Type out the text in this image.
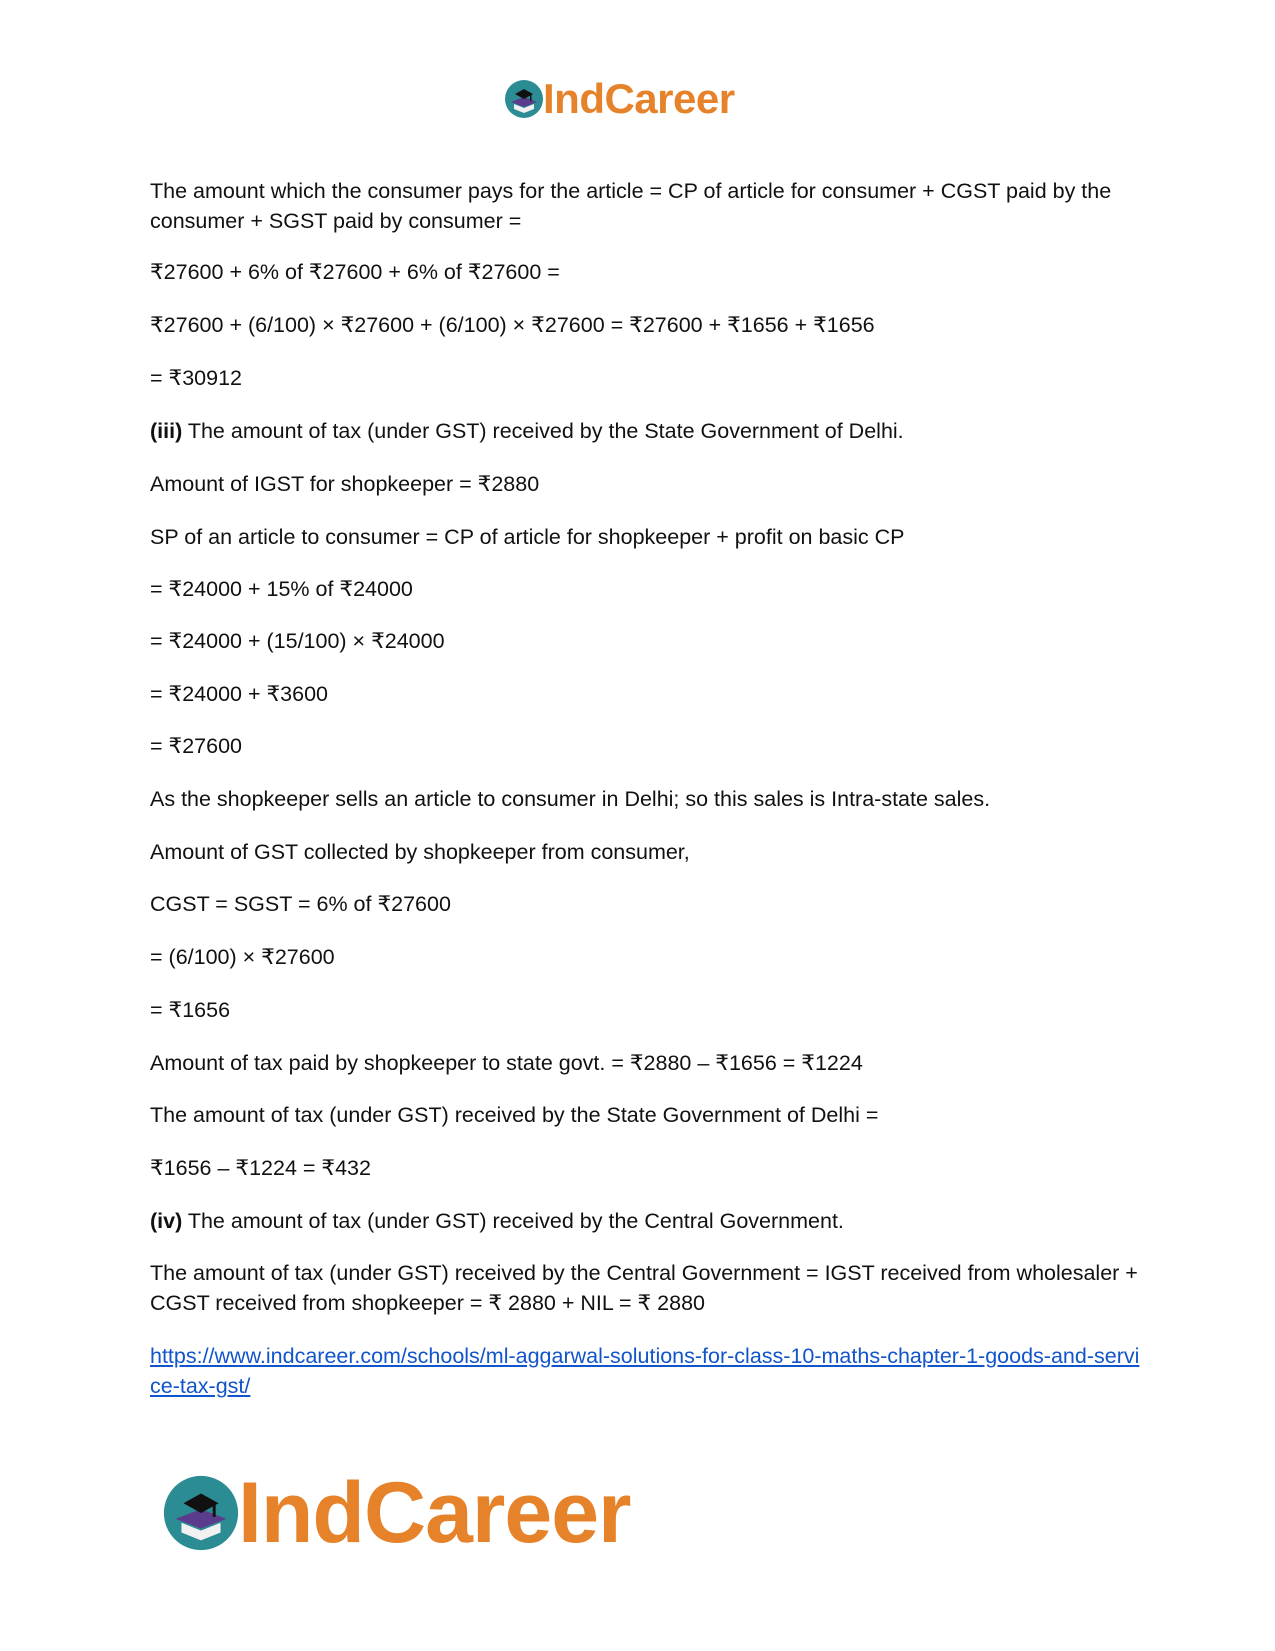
IndCareer

The amount which the consumer pays for the article = CP of article for consumer + CGST paid by the consumer + SGST paid by consumer =

₹27600 + 6% of ₹27600 + 6% of ₹27600 =

₹27600 + (6/100) × ₹27600 + (6/100) × ₹27600 = ₹27600 + ₹1656 + ₹1656

= ₹30912

(iii) The amount of tax (under GST) received by the State Government of Delhi.

Amount of IGST for shopkeeper = ₹2880

SP of an article to consumer = CP of article for shopkeeper + profit on basic CP

= ₹24000 + 15% of ₹24000

= ₹24000 + (15/100) × ₹24000

= ₹24000 + ₹3600

= ₹27600

As the shopkeeper sells an article to consumer in Delhi; so this sales is Intra-state sales.

Amount of GST collected by shopkeeper from consumer,

CGST = SGST = 6% of ₹27600

= (6/100) × ₹27600

= ₹1656

Amount of tax paid by shopkeeper to state govt. = ₹2880 – ₹1656 = ₹1224

The amount of tax (under GST) received by the State Government of Delhi =

₹1656 – ₹1224 = ₹432

(iv) The amount of tax (under GST) received by the Central Government.

The amount of tax (under GST) received by the Central Government = IGST received from wholesaler + CGST received from shopkeeper = ₹ 2880 + NIL = ₹ 2880

https://www.indcareer.com/schools/ml-aggarwal-solutions-for-class-10-maths-chapter-1-goods-and-service-tax-gst/

IndCareer
